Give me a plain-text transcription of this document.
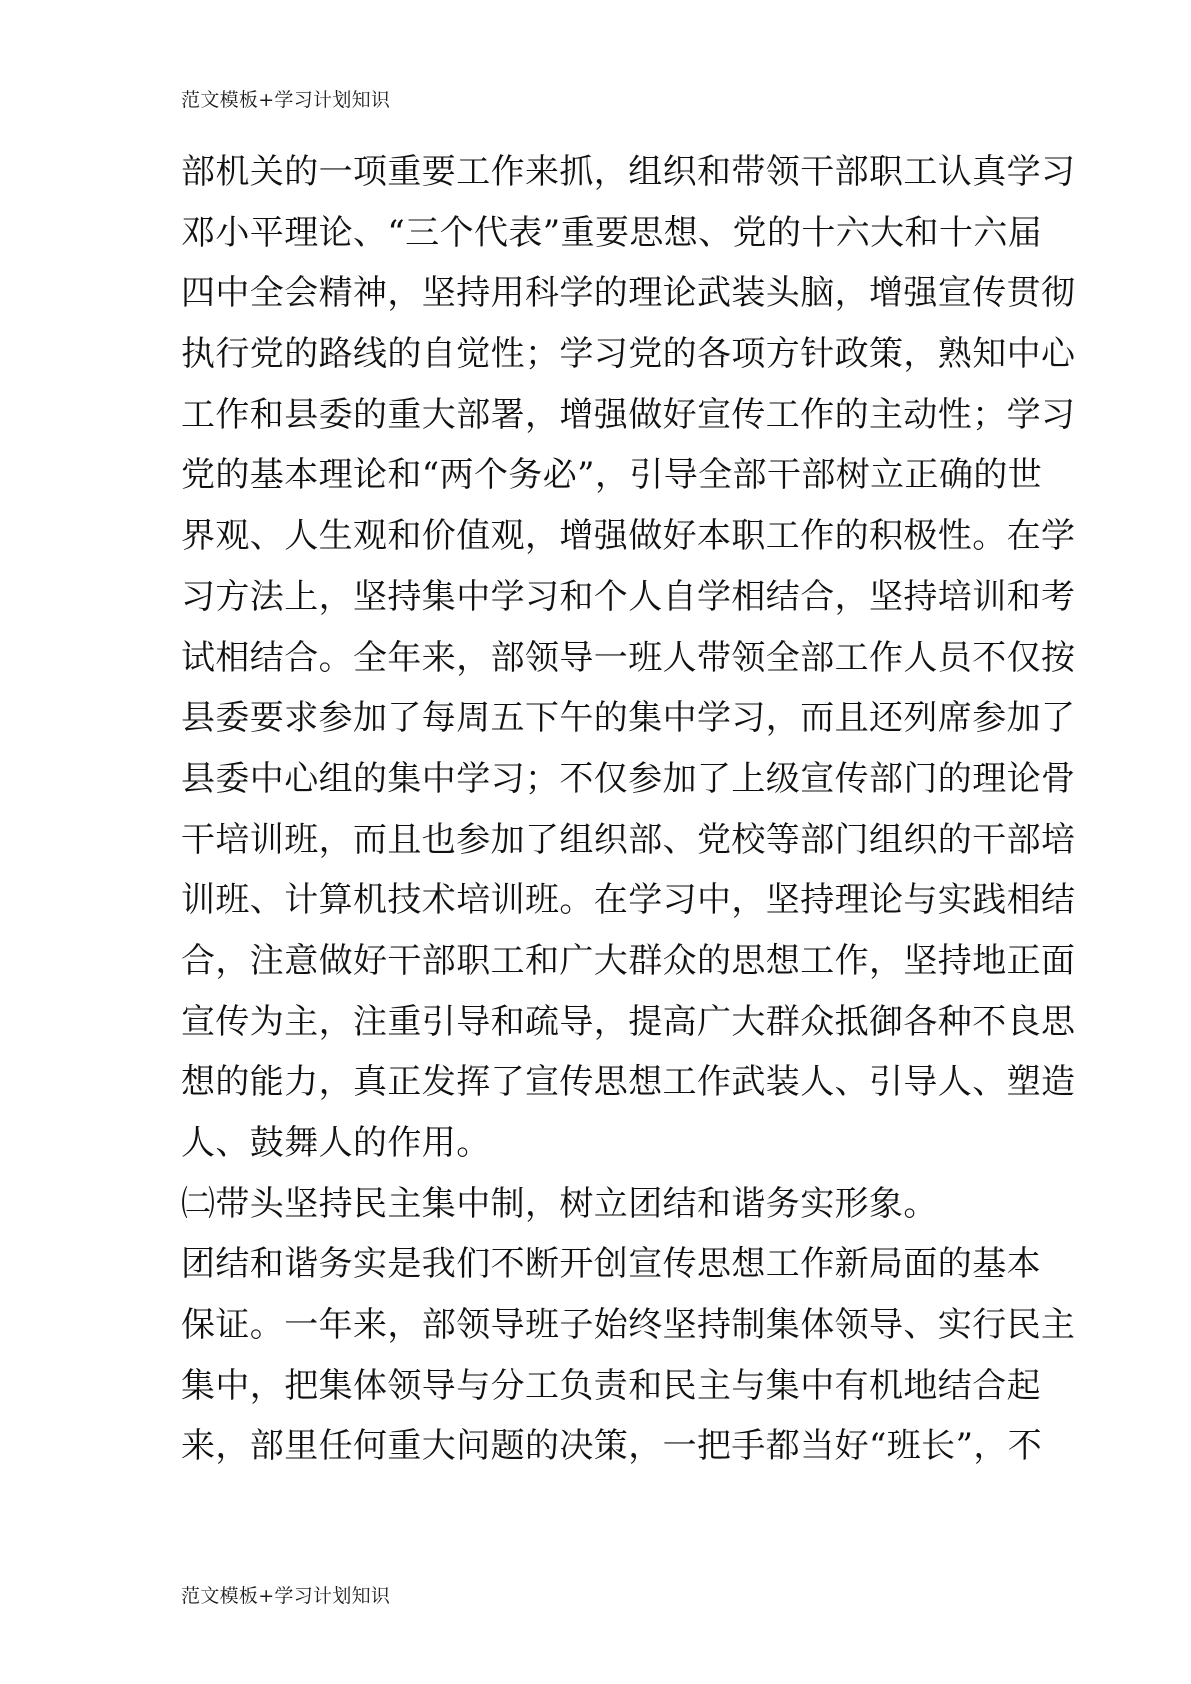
范文模板+学习计划知识
部机关的一项重要工作来抓，组织和带领干部职工认真学习
邓小平理论、“三个代表”重要思想、党的十六大和十六届
四中全会精神，坚持用科学的理论武装头脑，增强宣传贯彻
执行党的路线的自觉性；学习党的各项方针政策，熟知中心
工作和县委的重大部署，增强做好宣传工作的主动性；学习
党的基本理论和“两个务必”，引导全部干部树立正确的世
界观、人生观和价值观，增强做好本职工作的积极性。在学
习方法上，坚持集中学习和个人自学相结合，坚持培训和考
试相结合。全年来，部领导一班人带领全部工作人员不仅按
县委要求参加了每周五下午的集中学习，而且还列席参加了
县委中心组的集中学习；不仅参加了上级宣传部门的理论骨
干培训班，而且也参加了组织部、党校等部门组织的干部培
训班、计算机技术培训班。在学习中，坚持理论与实践相结
合，注意做好干部职工和广大群众的思想工作，坚持地正面
宣传为主，注重引导和疏导，提高广大群众抵御各种不良思
想的能力，真正发挥了宣传思想工作武装人、引导人、塑造
人、鼓舞人的作用。
㈡带头坚持民主集中制，树立团结和谐务实形象。
团结和谐务实是我们不断开创宣传思想工作新局面的基本
保证。一年来，部领导班子始终坚持制集体领导、实行民主
集中，把集体领导与分工负责和民主与集中有机地结合起
来，部里任何重大问题的决策，一把手都当好“班长”，不
范文模板+学习计划知识
